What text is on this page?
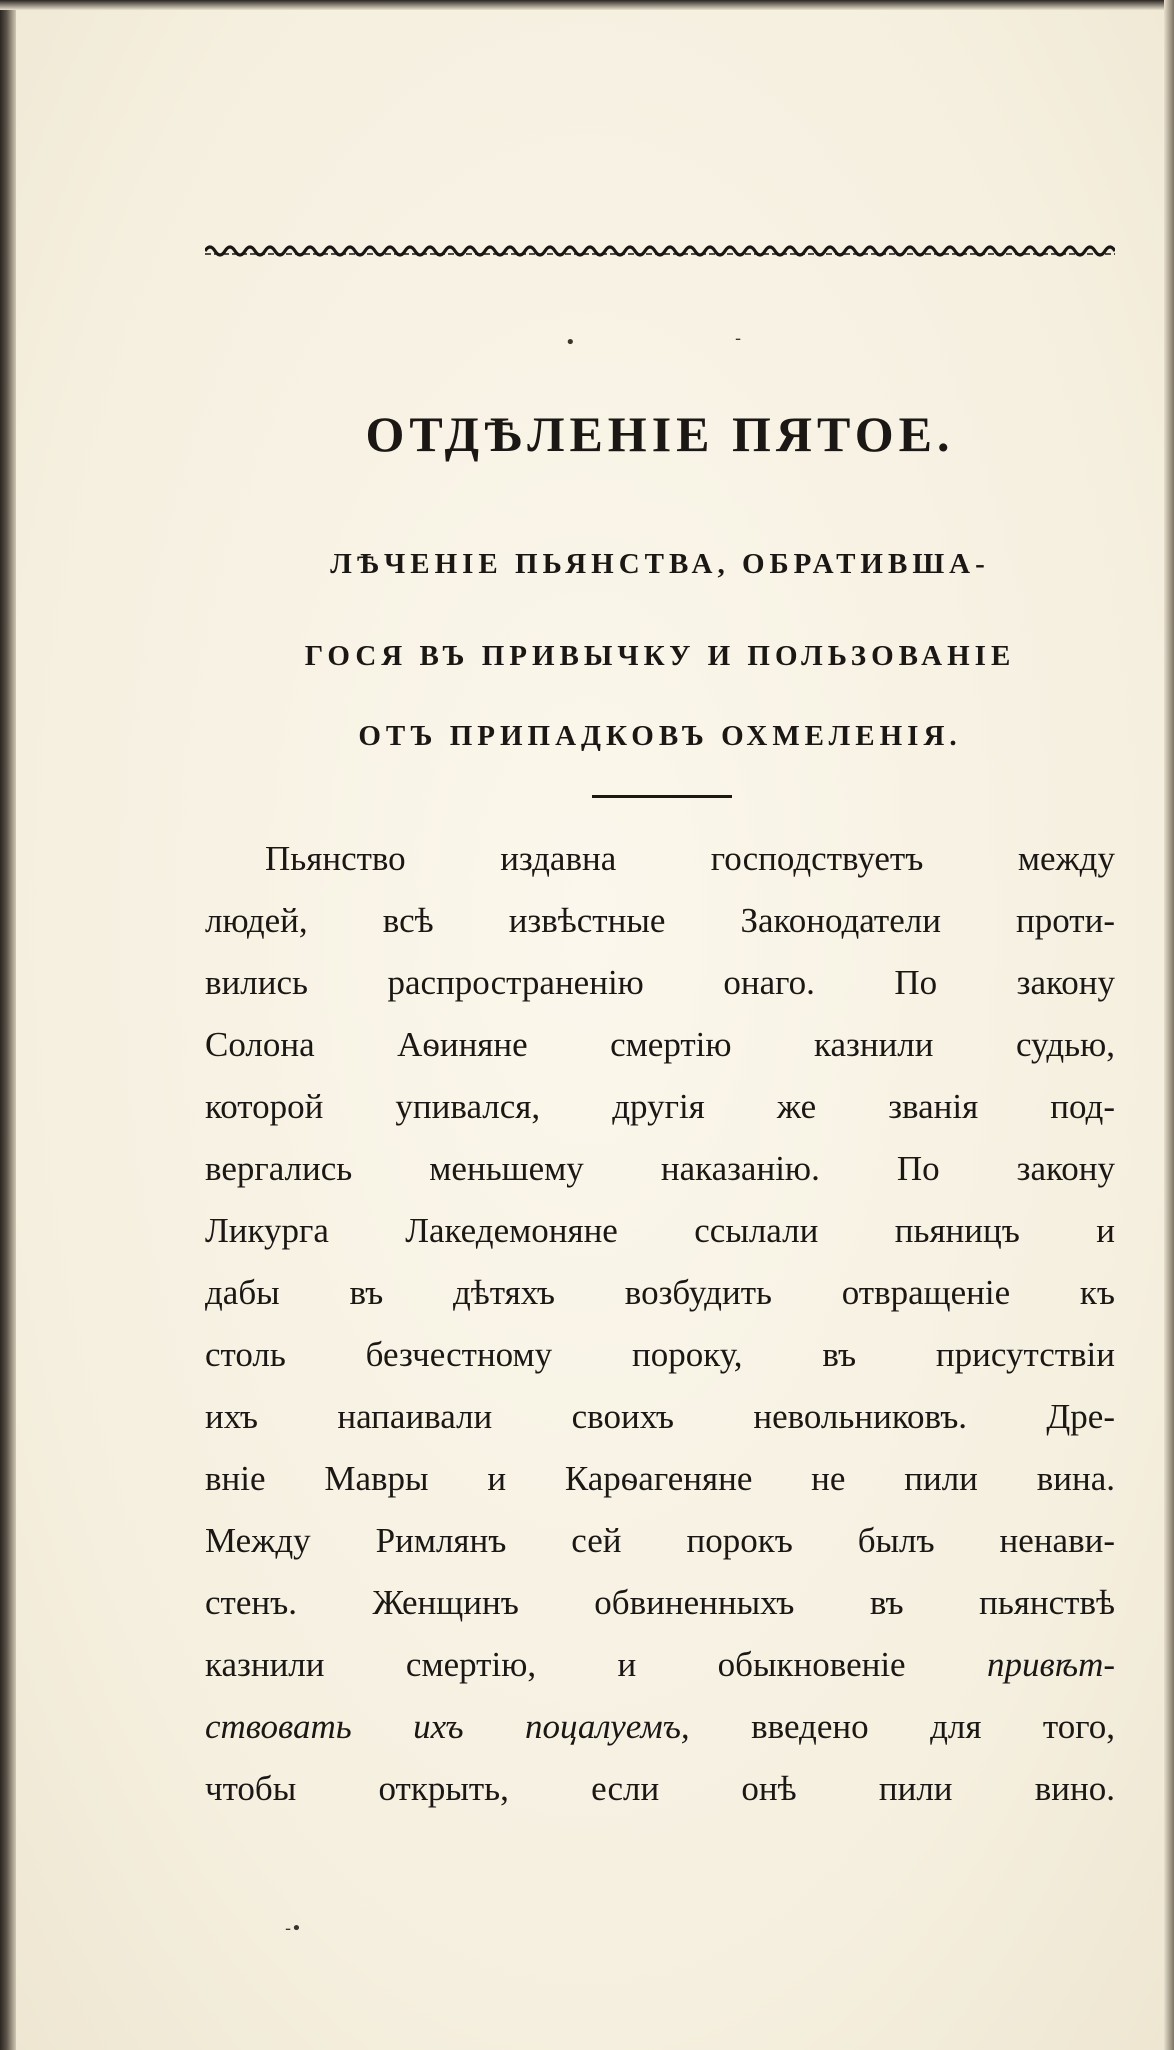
•	-
ОТДѢЛЕНІЕ ПЯТОЕ.
ЛѢЧЕНІЕ ПЬЯНСТВА, ОБРАТИВША-
ГОСЯ ВЪ ПРИВЫЧКУ И ПОЛЬЗОВАНІЕ
ОТЪ ПРИПАДКОВЪ ОХМЕЛЕНІЯ.
Пьянство издавна господствуетъ между
людей, всѣ извѣстные Законодатели проти-
вились распространенію онаго. По закону
Солона Аѳиняне смертію казнили судью,
которой упивался, другія же званія под-
вергались меньшему наказанію. По закону
Ликурга Лакедемоняне ссылали пьяницъ и
дабы въ дѣтяхъ возбудить отвращеніе къ
столь безчестному пороку, въ присутствіи
ихъ напаивали своихъ невольниковъ. Дре-
вніе Мавры и Карѳагеняне не пили вина.
Между Римлянъ сей порокъ былъ ненави-
стенъ. Женщинъ обвиненныхъ въ пьянствѣ
казнили смертію, и обыкновеніе привѣт-
ствовать ихъ поцалуемъ, введено для того,
чтобы открыть, если онѣ пили вино.
-•
